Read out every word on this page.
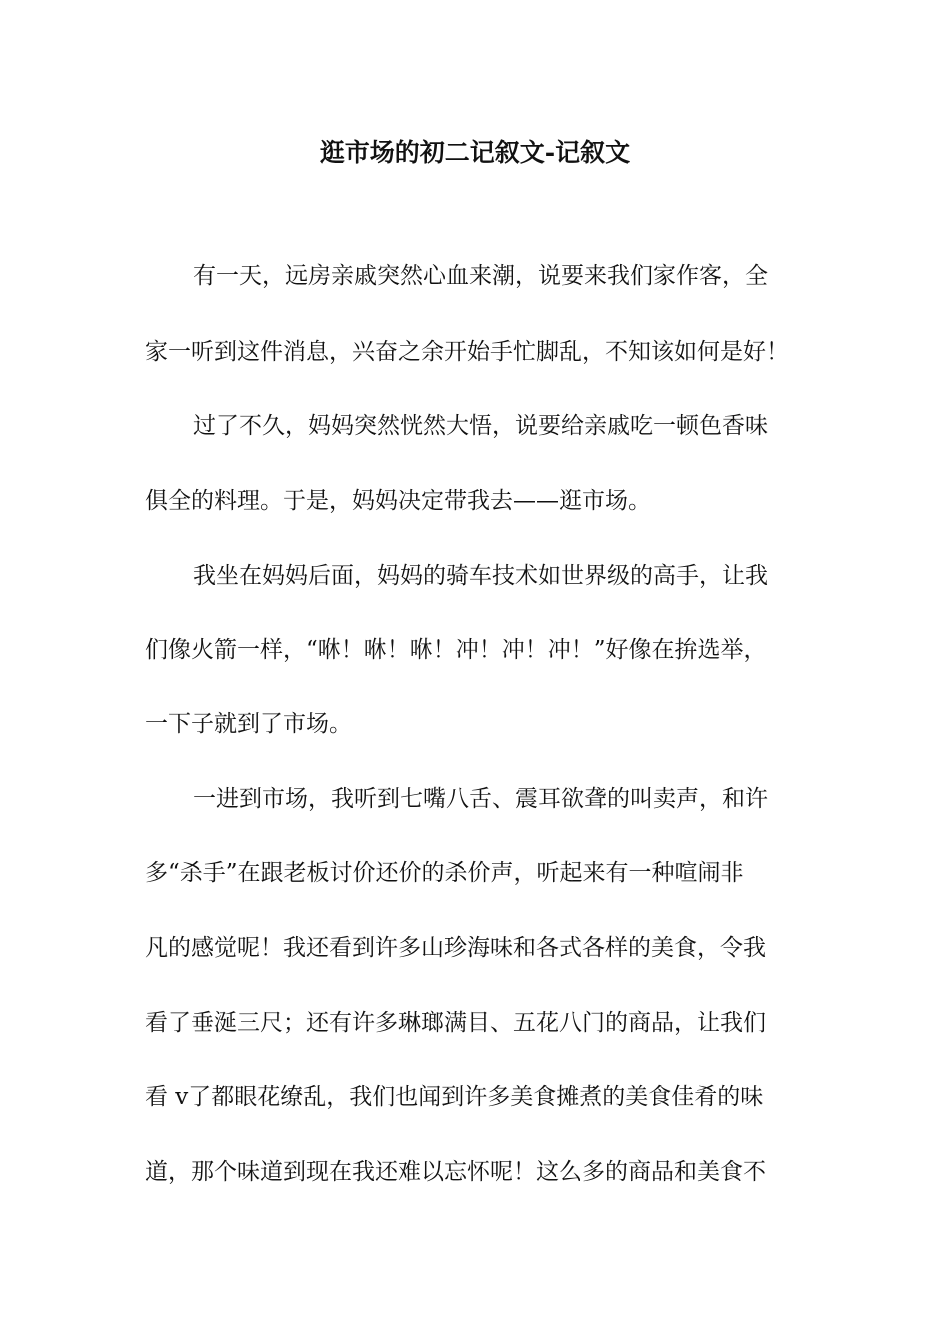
逛市场的初二记叙文-记叙文
有一天，远房亲戚突然心血来潮，说要来我们家作客，全
家一听到这件消息，兴奋之余开始手忙脚乱，不知该如何是好！
过了不久，妈妈突然恍然大悟，说要给亲戚吃一顿色香味
俱全的料理。于是，妈妈决定带我去——逛市场。
我坐在妈妈后面，妈妈的骑车技术如世界级的高手，让我
们像火箭一样，“咻！咻！咻！冲！冲！冲！”好像在拚选举，
一下子就到了市场。
一进到市场，我听到七嘴八舌、震耳欲聋的叫卖声，和许
多“杀手”在跟老板讨价还价的杀价声，听起来有一种喧闹非
凡的感觉呢！我还看到许多山珍海味和各式各样的美食，令我
看了垂涎三尺；还有许多琳瑯满目、五花八门的商品，让我们
看 v了都眼花缭乱，我们也闻到许多美食摊煮的美食佳肴的味
道，那个味道到现在我还难以忘怀呢！这么多的商品和美食不
